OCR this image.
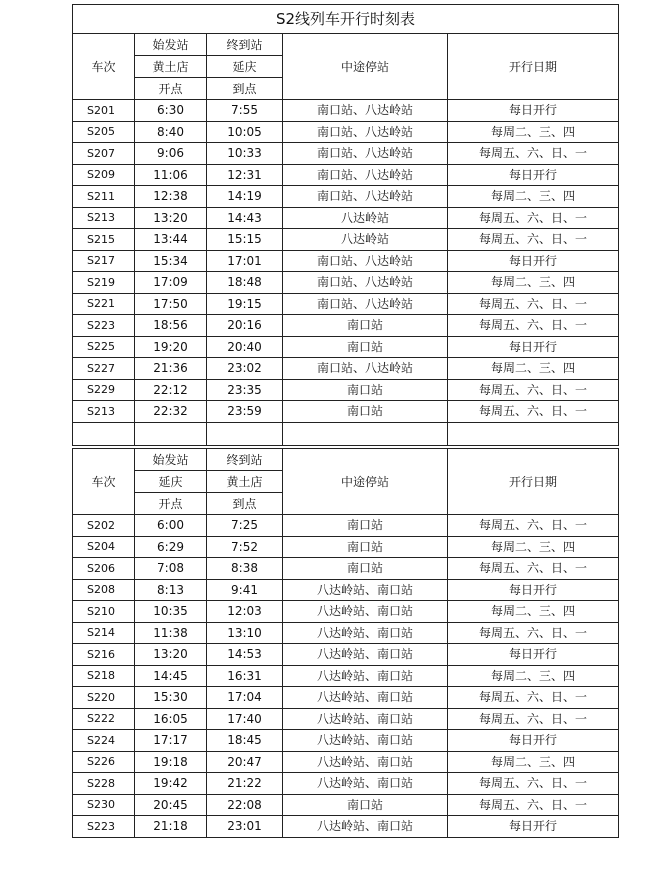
S2线列车开行时刻表				
车次	始发站	终到站	中途停站	开行日期
	黄土店	延庆		
	开点	到点		
S201	6:30	7:55	南口站、八达岭站	每日开行
S205	8:40	10:05	南口站、八达岭站	每周二、三、四
S207	9:06	10:33	南口站、八达岭站	每周五、六、日、一
S209	11:06	12:31	南口站、八达岭站	每日开行
S211	12:38	14:19	南口站、八达岭站	每周二、三、四
S213	13:20	14:43	八达岭站	每周五、六、日、一
S215	13:44	15:15	八达岭站	每周五、六、日、一
S217	15:34	17:01	南口站、八达岭站	每日开行
S219	17:09	18:48	南口站、八达岭站	每周二、三、四
S221	17:50	19:15	南口站、八达岭站	每周五、六、日、一
S223	18:56	20:16	南口站	每周五、六、日、一
S225	19:20	20:40	南口站	每日开行
S227	21:36	23:02	南口站、八达岭站	每周二、三、四
S229	22:12	23:35	南口站	每周五、六、日、一
S213	22:32	23:59	南口站	每周五、六、日、一

车次	始发站	终到站	中途停站	开行日期
	延庆	黄土店		
	开点	到点		
S202	6:00	7:25	南口站	每周五、六、日、一
S204	6:29	7:52	南口站	每周二、三、四
S206	7:08	8:38	南口站	每周五、六、日、一
S208	8:13	9:41	八达岭站、南口站	每日开行
S210	10:35	12:03	八达岭站、南口站	每周二、三、四
S214	11:38	13:10	八达岭站、南口站	每周五、六、日、一
S216	13:20	14:53	八达岭站、南口站	每日开行
S218	14:45	16:31	八达岭站、南口站	每周二、三、四
S220	15:30	17:04	八达岭站、南口站	每周五、六、日、一
S222	16:05	17:40	八达岭站、南口站	每周五、六、日、一
S224	17:17	18:45	八达岭站、南口站	每日开行
S226	19:18	20:47	八达岭站、南口站	每周二、三、四
S228	19:42	21:22	八达岭站、南口站	每周五、六、日、一
S230	20:45	22:08	南口站	每周五、六、日、一
S223	21:18	23:01	八达岭站、南口站	每日开行
